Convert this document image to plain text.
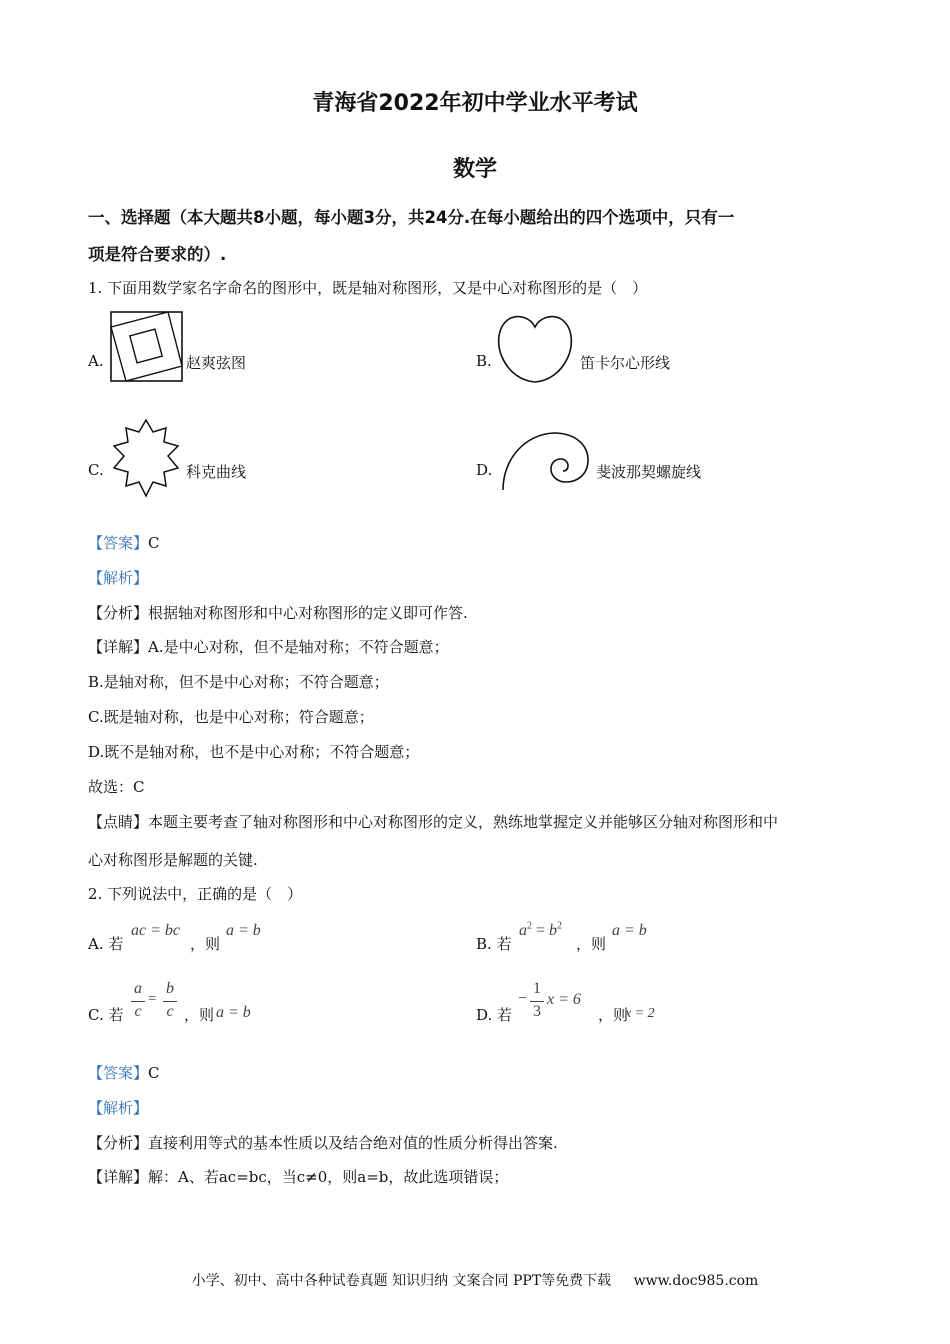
青海省2022年初中学业水平考试
数学
一、选择题（本大题共8小题，每小题3分，共24分.在每小题给出的四个选项中，只有一
项是符合要求的）.
1. 下面用数学家名字命名的图形中，既是轴对称图形，又是中心对称图形的是（　）
A.	赵爽弦图	B.	笛卡尔心形线
C.	科克曲线	D.	斐波那契螺旋线
【答案】C
【解析】
【分析】根据轴对称图形和中心对称图形的定义即可作答.
【详解】A.是中心对称，但不是轴对称；不符合题意；
B.是轴对称，但不是中心对称；不符合题意；
C.既是轴对称，也是中心对称；符合题意；
D.既不是轴对称，也不是中心对称；不符合题意；
故选：C
【点睛】本题主要考查了轴对称图形和中心对称图形的定义，熟练地掌握定义并能够区分轴对称图形和中
心对称图形是解题的关键.
2. 下列说法中，正确的是（　）
A. 若
ac = bc
，则
a = b
B. 若
$a^2 = b^2$
，则
a = b
C. 若
a
c
=
b
c ，则 a = b	D. 若
−
1
3
x = 6
，则
x = 2
【答案】C
【解析】
【分析】直接利用等式的基本性质以及结合绝对值的性质分析得出答案.
【详解】解：A、若ac=bc，当c≠0，则a=b，故此选项错误；
小学、初中、高中各种试卷真题 知识归纳 文案合同 PPT等免费下载 www.doc985.com
